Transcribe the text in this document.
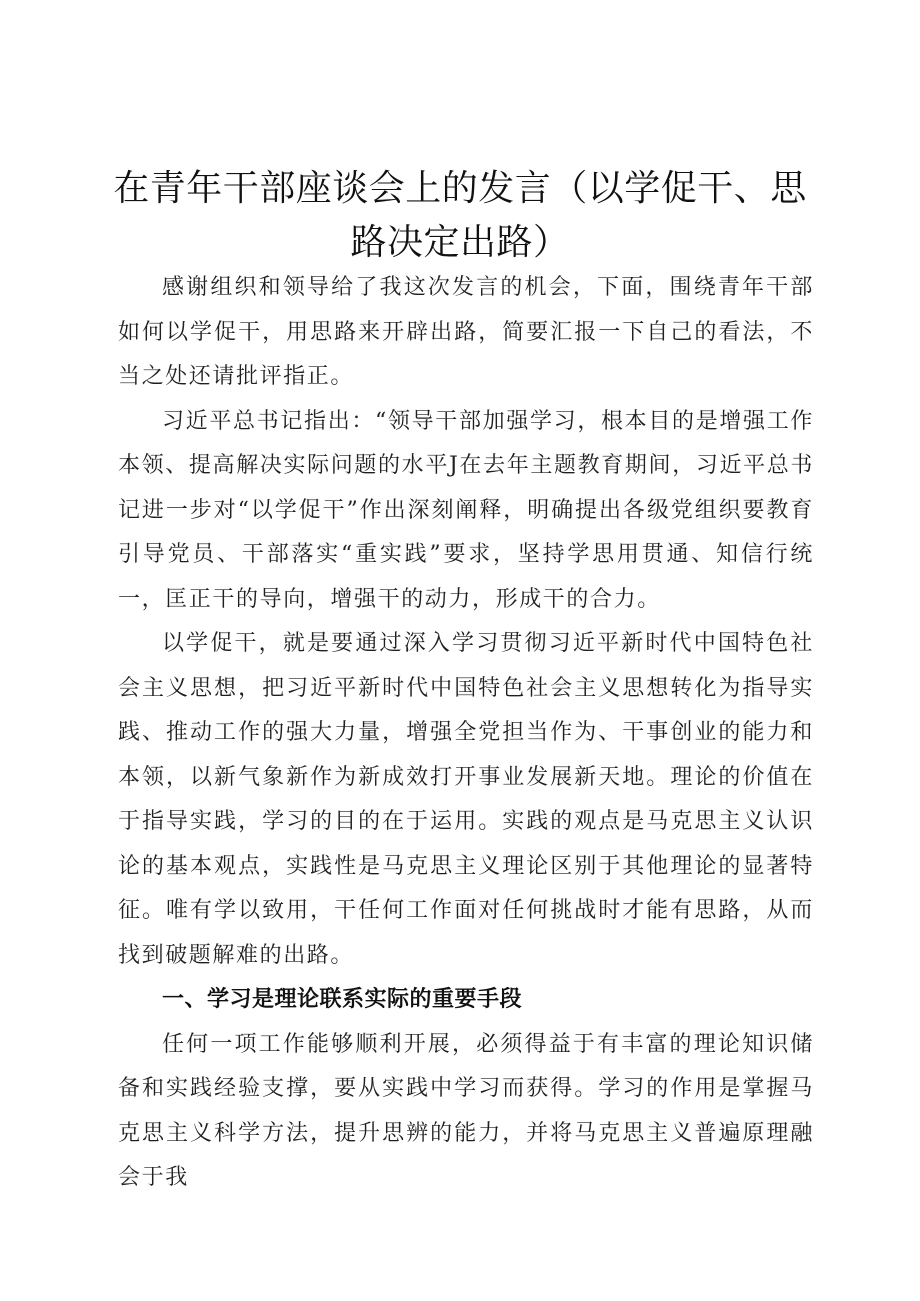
在青年干部座谈会上的发言（以学促干、思路决定出路）

感谢组织和领导给了我这次发言的机会，下面，围绕青年干部如何以学促干，用思路来开辟出路，简要汇报一下自己的看法，不当之处还请批评指正。

习近平总书记指出：“领导干部加强学习，根本目的是增强工作本领、提高解决实际问题的水平J在去年主题教育期间，习近平总书记进一步对“以学促干”作出深刻阐释，明确提出各级党组织要教育引导党员、干部落实“重实践”要求，坚持学思用贯通、知信行统一，匡正干的导向，增强干的动力，形成干的合力。

以学促干，就是要通过深入学习贯彻习近平新时代中国特色社会主义思想，把习近平新时代中国特色社会主义思想转化为指导实践、推动工作的强大力量，增强全党担当作为、干事创业的能力和本领，以新气象新作为新成效打开事业发展新天地。理论的价值在于指导实践，学习的目的在于运用。实践的观点是马克思主义认识论的基本观点，实践性是马克思主义理论区别于其他理论的显著特征。唯有学以致用，干任何工作面对任何挑战时才能有思路，从而找到破题解难的出路。

一、学习是理论联系实际的重要手段

任何一项工作能够顺利开展，必须得益于有丰富的理论知识储备和实践经验支撑，要从实践中学习而获得。学习的作用是掌握马克思主义科学方法，提升思辨的能力，并将马克思主义普遍原理融会于我
